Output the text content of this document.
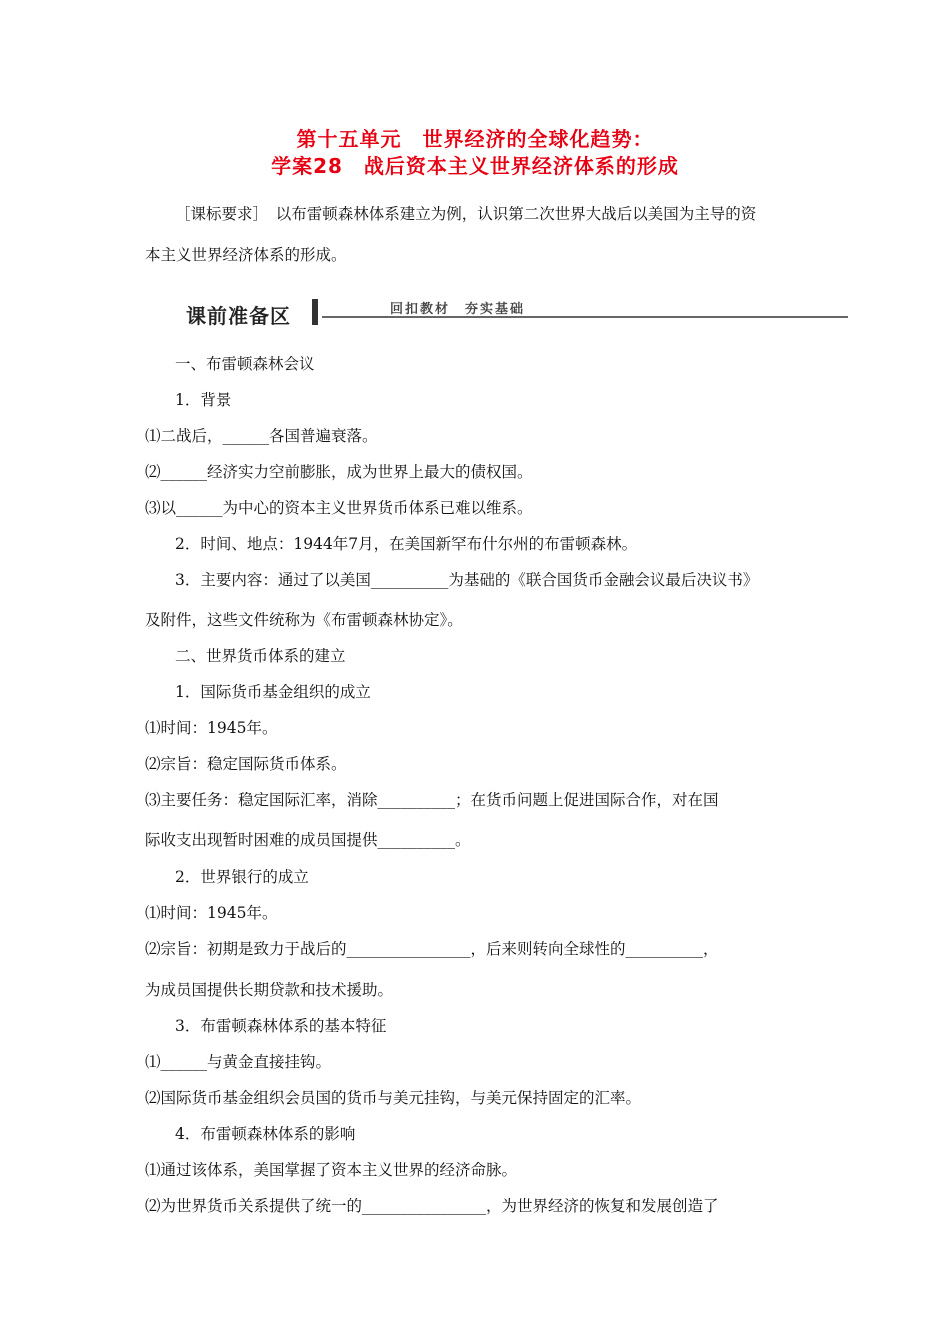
第十五单元　世界经济的全球化趋势：
学案28　战后资本主义世界经济体系的形成
［课标要求］　以布雷顿森林体系建立为例，认识第二次世界大战后以美国为主导的资
本主义世界经济体系的形成。
课前准备区	回扣教材　夯实基础
一、布雷顿森林会议
1．背景
⑴二战后，______各国普遍衰落。
⑵______经济实力空前膨胀，成为世界上最大的债权国。
⑶以______为中心的资本主义世界货币体系已难以维系。
2．时间、地点：1944年7月，在美国新罕布什尔州的布雷顿森林。
3．主要内容：通过了以美国__________为基础的《联合国货币金融会议最后决议书》
及附件，这些文件统称为《布雷顿森林协定》。
二、世界货币体系的建立
1．国际货币基金组织的成立
⑴时间：1945年。
⑵宗旨：稳定国际货币体系。
⑶主要任务：稳定国际汇率，消除__________；在货币问题上促进国际合作，对在国
际收支出现暂时困难的成员国提供__________。
2．世界银行的成立
⑴时间：1945年。
⑵宗旨：初期是致力于战后的________________，后来则转向全球性的__________，
为成员国提供长期贷款和技术援助。
3．布雷顿森林体系的基本特征
⑴______与黄金直接挂钩。
⑵国际货币基金组织会员国的货币与美元挂钩，与美元保持固定的汇率。
4．布雷顿森林体系的影响
⑴通过该体系，美国掌握了资本主义世界的经济命脉。
⑵为世界货币关系提供了统一的________________，为世界经济的恢复和发展创造了
